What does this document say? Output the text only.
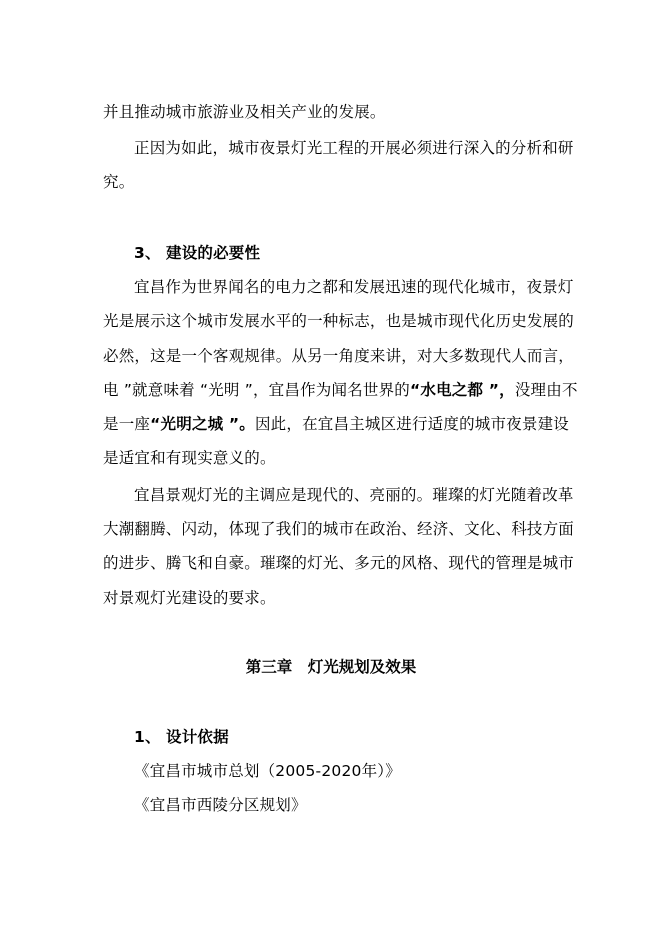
并且推动城市旅游业及相关产业的发展。
正因为如此，城市夜景灯光工程的开展必须进行深入的分析和研
究。
3、 建设的必要性
宜昌作为世界闻名的电力之都和发展迅速的现代化城市，夜景灯
光是展示这个城市发展水平的一种标志，也是城市现代化历史发展的
必然，这是一个客观规律。从另一角度来讲，对大多数现代人而言，
电 ”就意味着 “光明 ”，宜昌作为闻名世界的“水电之都 ”，没理由不
是一座“光明之城 ”。因此，在宜昌主城区进行适度的城市夜景建设
是适宜和有现实意义的。
宜昌景观灯光的主调应是现代的、亮丽的。璀璨的灯光随着改革
大潮翻腾、闪动，体现了我们的城市在政治、经济、文化、科技方面
的进步、腾飞和自豪。璀璨的灯光、多元的风格、现代的管理是城市
对景观灯光建设的要求。
第三章　灯光规划及效果
1、 设计依据
《宜昌市城市总划（2005-2020年）》
《宜昌市西陵分区规划》
